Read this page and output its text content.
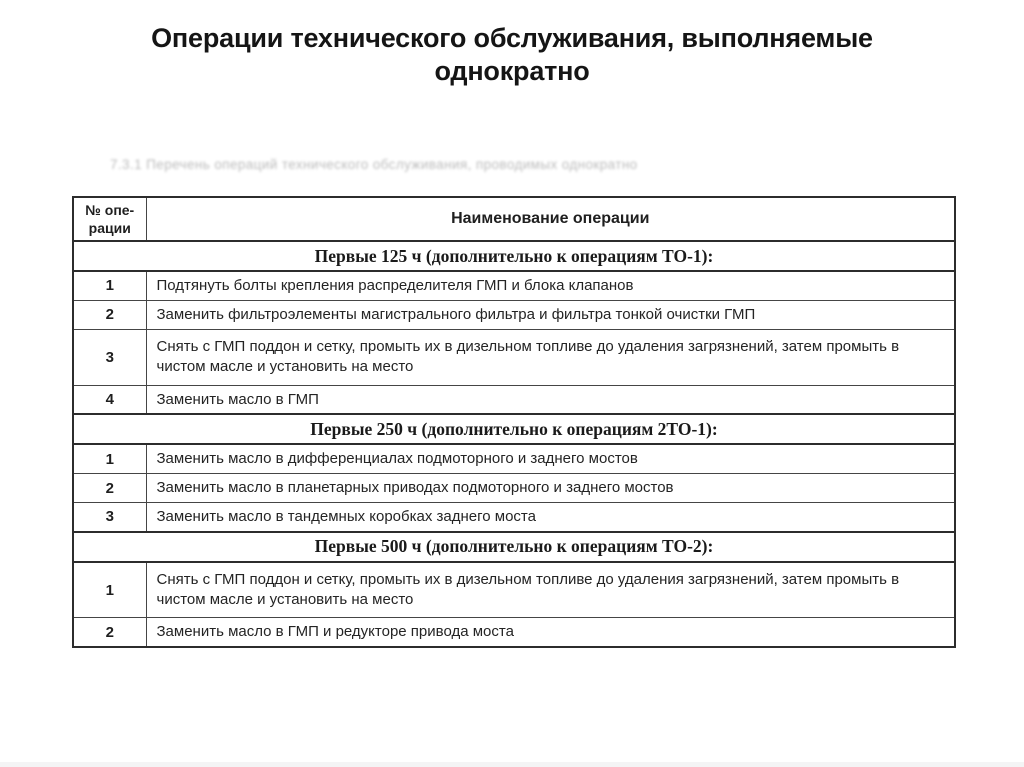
Операции технического обслуживания, выполняемые однократно
7.3.1 Перечень операций технического обслуживания, проводимых однократно
№ опе-рации	Наименование операции
Первые 125 ч (дополнительно к операциям ТО-1):	
1	Подтянуть болты крепления распределителя ГМП и блока клапанов
2	Заменить фильтроэлементы магистрального фильтра и фильтра тонкой очистки ГМП
3	Снять с ГМП поддон и сетку, промыть их в дизельном топливе до удаления загрязнений, затем промыть в чистом масле и установить на место
4	Заменить масло в ГМП
Первые 250 ч (дополнительно к операциям 2ТО-1):	
1	Заменить масло в дифференциалах подмоторного и заднего мостов
2	Заменить масло в планетарных приводах подмоторного и заднего мостов
3	Заменить масло в тандемных коробках заднего моста
Первые 500 ч (дополнительно к операциям ТО-2):	
1	Снять с ГМП поддон и сетку, промыть их в дизельном топливе до удаления загрязнений, затем промыть в чистом масле и установить на место
2	Заменить масло в ГМП и редукторе привода моста
